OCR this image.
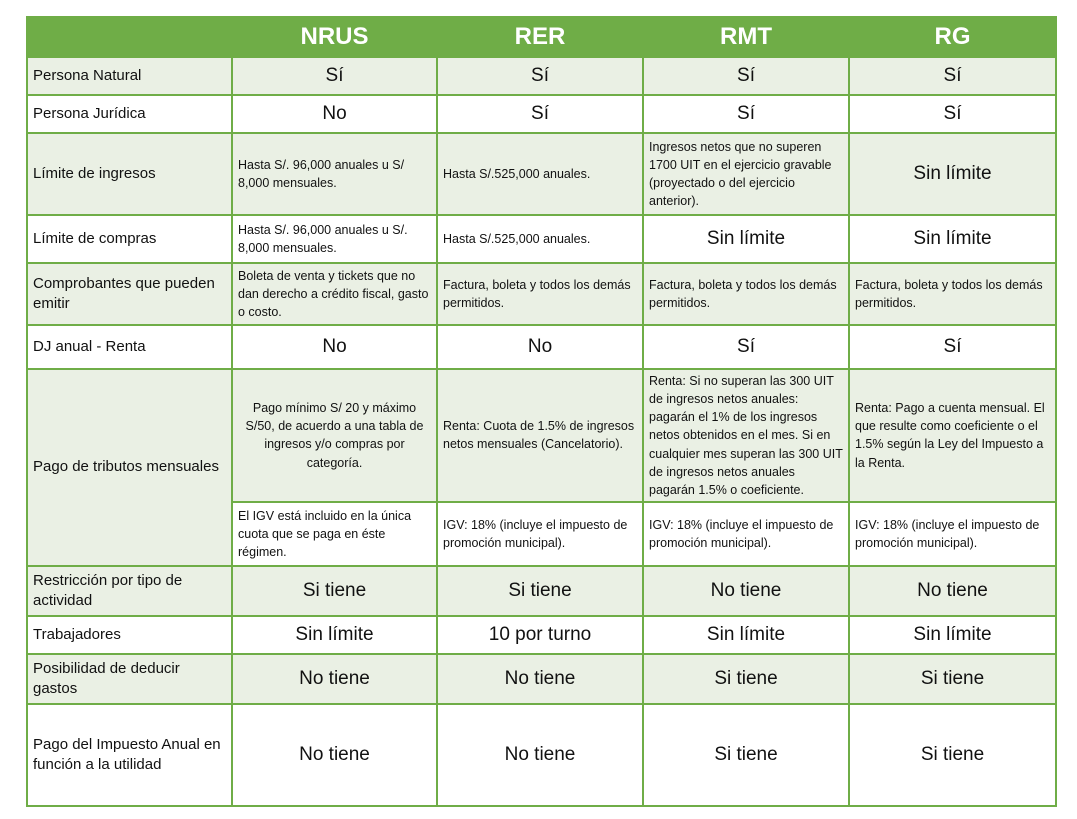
	NRUS	RER	RMT	RG
Persona Natural	Sí	Sí	Sí	Sí
Persona Jurídica	No	Sí	Sí	Sí
Límite de ingresos	Hasta S/. 96,000 anuales u S/ 8,000 mensuales.	Hasta S/.525,000 anuales.	Ingresos netos que no superen 1700 UIT en el ejercicio gravable (proyectado o del ejercicio anterior).	Sin límite
Límite de compras	Hasta S/. 96,000 anuales u S/. 8,000 mensuales.	Hasta S/.525,000 anuales.	Sin límite	Sin límite
Comprobantes que pueden emitir	Boleta de venta y tickets que no dan derecho a crédito fiscal, gasto o costo.	Factura, boleta y todos los demás permitidos.	Factura, boleta y todos los demás permitidos.	Factura, boleta y todos los demás permitidos.
DJ anual - Renta	No	No	Sí	Sí
Pago de tributos mensuales	Pago mínimo S/ 20 y máximo S/50, de acuerdo a una tabla de ingresos y/o compras por categoría.	Renta: Cuota de 1.5% de ingresos netos mensuales (Cancelatorio).	Renta: Si no superan las 300 UIT de ingresos netos anuales: pagarán el 1% de los ingresos netos obtenidos en el mes. Si en cualquier mes superan las 300 UIT de ingresos netos anuales pagarán 1.5% o coeficiente.	Renta: Pago a cuenta mensual. El que resulte como coeficiente o el 1.5% según la Ley del Impuesto a la Renta.
	El IGV está incluido en la única cuota que se paga en éste régimen.	IGV: 18% (incluye el impuesto de promoción municipal).	IGV: 18% (incluye el impuesto de promoción municipal).	IGV: 18% (incluye el impuesto de promoción municipal).
Restricción por tipo de actividad	Si tiene	Si tiene	No tiene	No tiene
Trabajadores	Sin límite	10 por turno	Sin límite	Sin límite
Posibilidad de deducir gastos	No tiene	No tiene	Si tiene	Si tiene
Pago del Impuesto Anual en función a la utilidad	No tiene	No tiene	Si tiene	Si tiene
